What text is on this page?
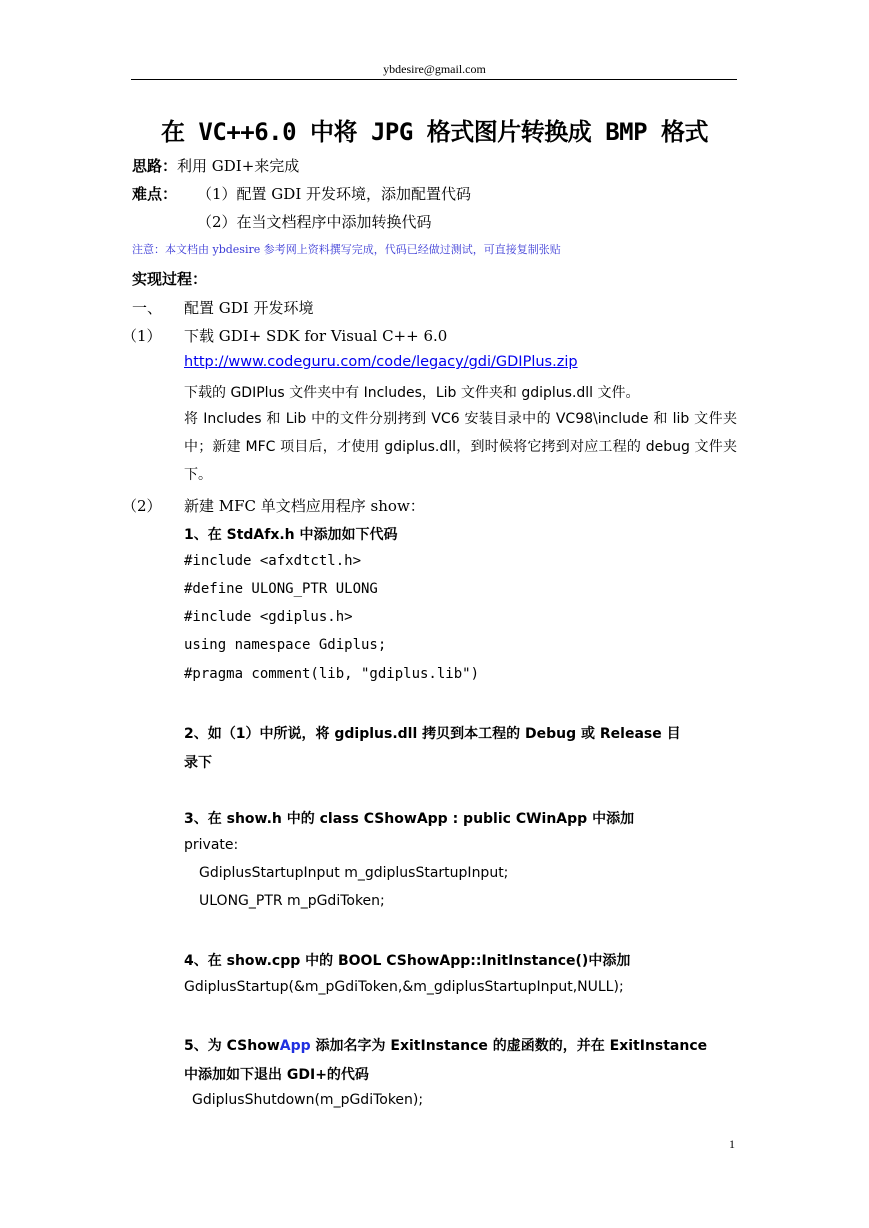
ybdesire@gmail.com
在 VC++6.0 中将 JPG 格式图片转换成 BMP 格式
思路：利用 GDI+来完成
难点： （1）配置 GDI 开发环境，添加配置代码
（2）在当文档程序中添加转换代码
注意：本文档由 ybdesire 参考网上资料撰写完成，代码已经做过测试，可直接复制张贴
实现过程：
一、 配置 GDI 开发环境
（1） 下载 GDI+ SDK for Visual C++ 6.0
http://www.codeguru.com/code/legacy/gdi/GDIPlus.zip
下载的 GDIPlus 文件夹中有 Includes，Lib 文件夹和 gdiplus.dll 文件。
将 Includes 和 Lib 中的文件分别拷到 VC6 安装目录中的 VC98\include 和 lib 文件夹中；新建 MFC 项目后，才使用 gdiplus.dll，到时候将它拷到对应工程的 debug 文件夹下。
（2） 新建 MFC 单文档应用程序 show：
1、在 StdAfx.h 中添加如下代码
#include <afxdtctl.h>
#define ULONG_PTR ULONG
#include <gdiplus.h>
using namespace Gdiplus;
#pragma comment(lib, "gdiplus.lib")
2、如（1）中所说，将 gdiplus.dll 拷贝到本工程的 Debug 或 Release 目
录下
3、在 show.h 中的 class CShowApp : public CWinApp 中添加
private:
GdiplusStartupInput m_gdiplusStartupInput;
ULONG_PTR m_pGdiToken;
4、在 show.cpp 中的 BOOL CShowApp::InitInstance()中添加
GdiplusStartup(&m_pGdiToken,&m_gdiplusStartupInput,NULL);
5、为 CShowApp 添加名字为 ExitInstance 的虚函数的，并在 ExitInstance
中添加如下退出 GDI+的代码
GdiplusShutdown(m_pGdiToken);
1
